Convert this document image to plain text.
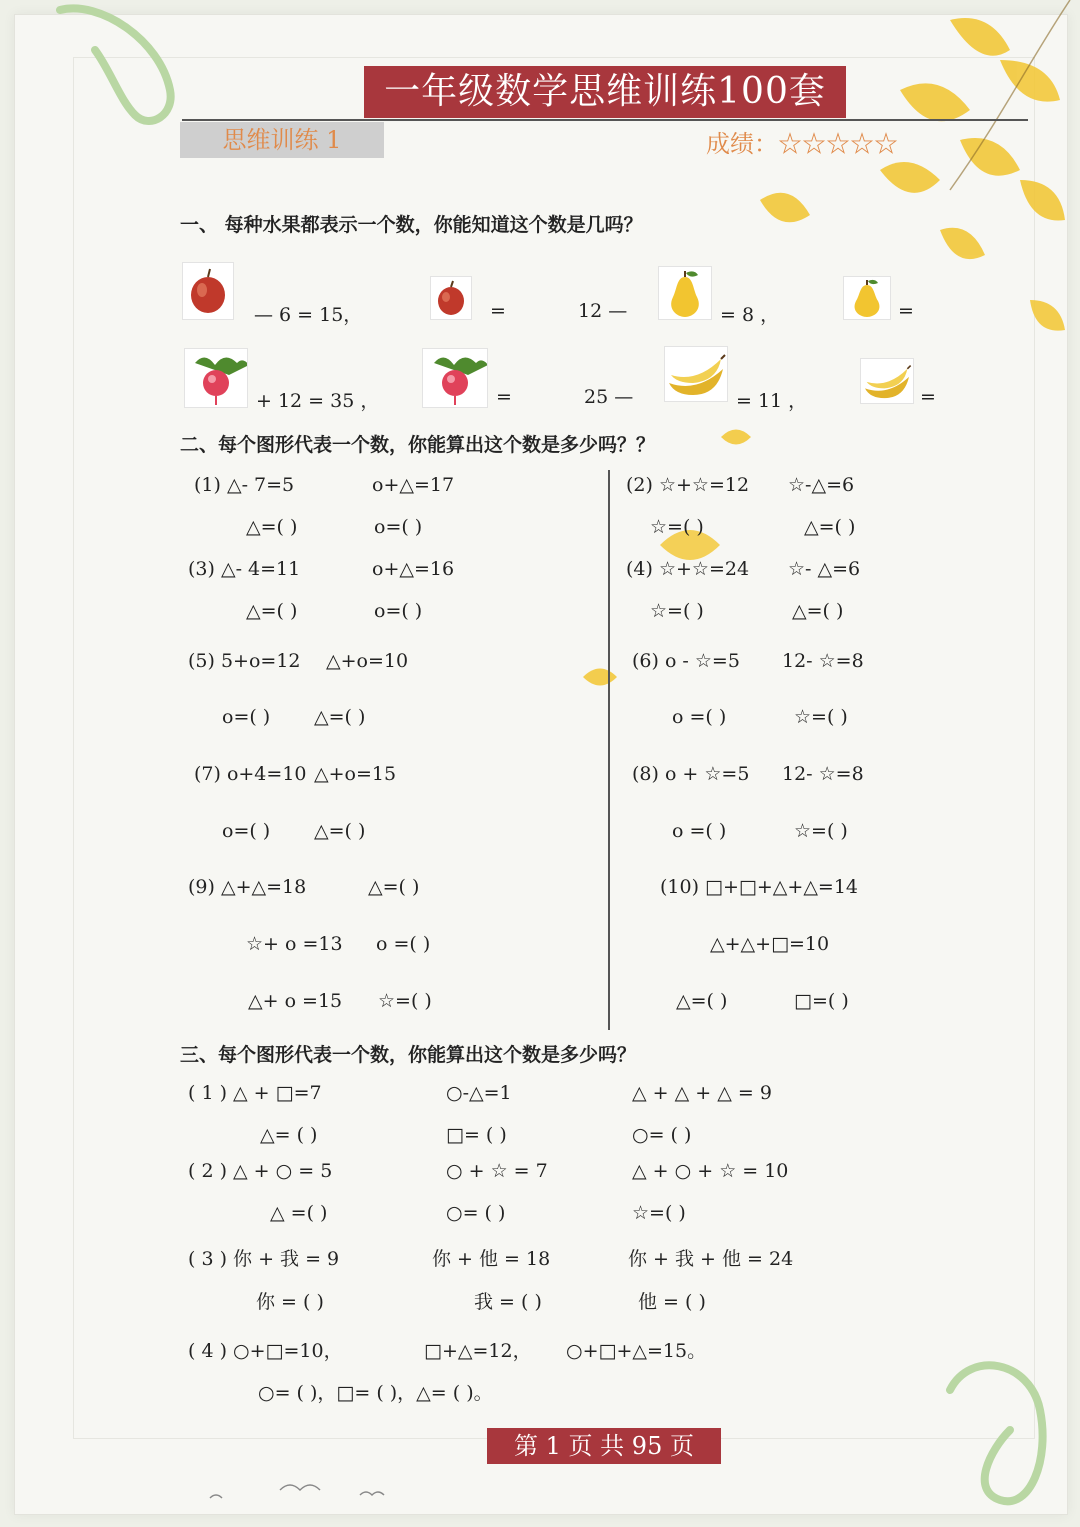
一年级数学思维训练100套
思维训练 1	成绩：☆☆☆☆☆
一、 每种水果都表示一个数，你能知道这个数是几吗？
— 6 = 15，	=	12 —	= 8 ，	=
+ 12 = 35 ，	=	25 —	= 11 ，	=
二、每个图形代表一个数，你能算出这个数是多少吗？？
(1) △- 7=5	o+△=17
△=( )	o=( )
(3) △- 4=11	o+△=16
△=( )	o=( )
(5) 5+o=12 △+o=10
o=( ) △=( )
(7) o+4=10 △+o=15
o=( ) △=( )
(9) △+△=18	△=( )
☆+ o =13 o =( )
△+ o =15 ☆=( )
(2) ☆+☆=12 ☆-△=6
☆=( )	△=( )
(4) ☆+☆=24 ☆- △=6
☆=( )	△=( )
(6) o - ☆=5 12- ☆=8
o =( )	☆=( )
(8) o + ☆=5 12- ☆=8
o =( )	☆=( )
(10) □+□+△+△=14
△+△+□=10
△=( )	□=( )
三、每个图形代表一个数，你能算出这个数是多少吗？
( 1 ) △ + □=7	○-△=1	△ + △ + △ = 9
△= ( )	□= ( )	○= ( )
( 2 ) △ + ○ = 5	○ + ☆ = 7	△ + ○ + ☆ = 10
△ =( )	○= ( )	☆=( )
( 3 ) 你 + 我 = 9	你 + 他 = 18	你 + 我 + 他 = 24
你 = ( )	我 = ( )	他 = ( )
( 4 ) ○+□=10，	□+△=12， ○+□+△=15。
○= ( )，□= ( )，△= ( )。
第 1 页 共 95 页
